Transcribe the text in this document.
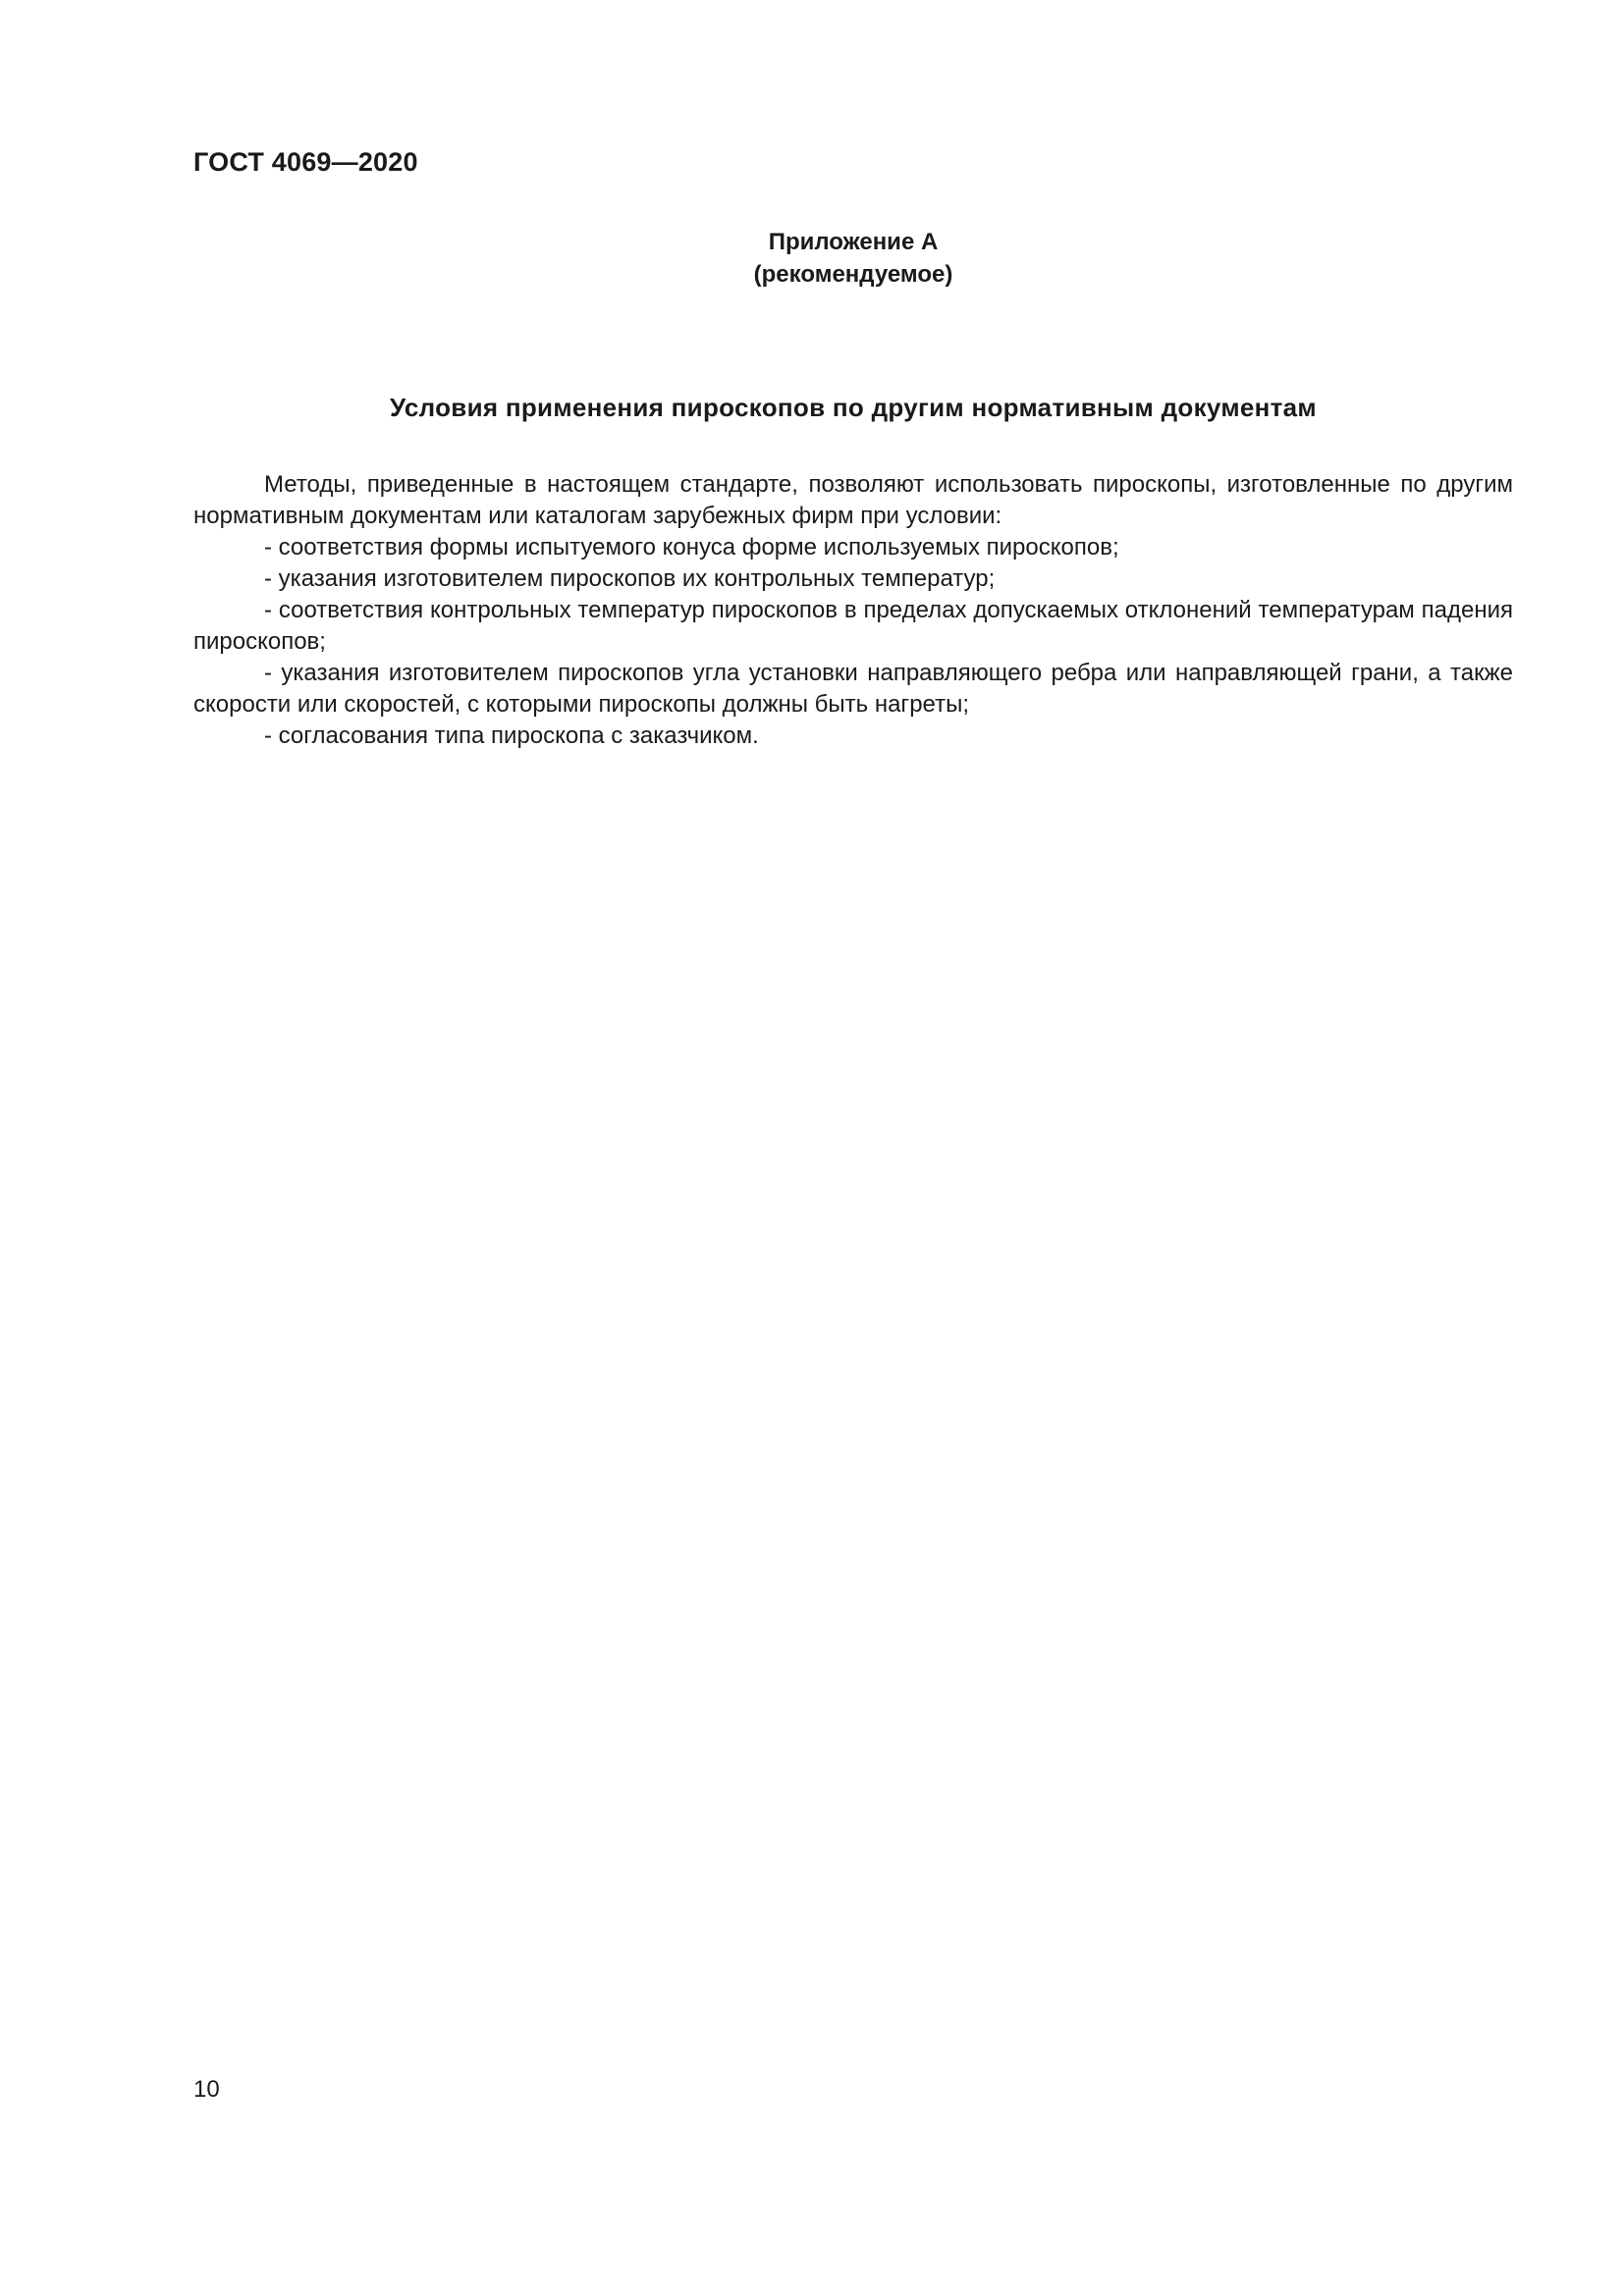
ГОСТ 4069—2020
Приложение А
(рекомендуемое)
Условия применения пироскопов по другим нормативным документам

Методы, приведенные в настоящем стандарте, позволяют использовать пироскопы, изготовленные по другим нормативным документам или каталогам зарубежных фирм при условии:

- соответствия формы испытуемого конуса форме используемых пироскопов;

- указания изготовителем пироскопов их контрольных температур;

- соответствия контрольных температур пироскопов в пределах допускаемых отклонений температурам падения пироскопов;

- указания изготовителем пироскопов угла установки направляющего ребра или направляющей грани, а также скорости или скоростей, с которыми пироскопы должны быть нагреты;

- согласования типа пироскопа с заказчиком.

10
